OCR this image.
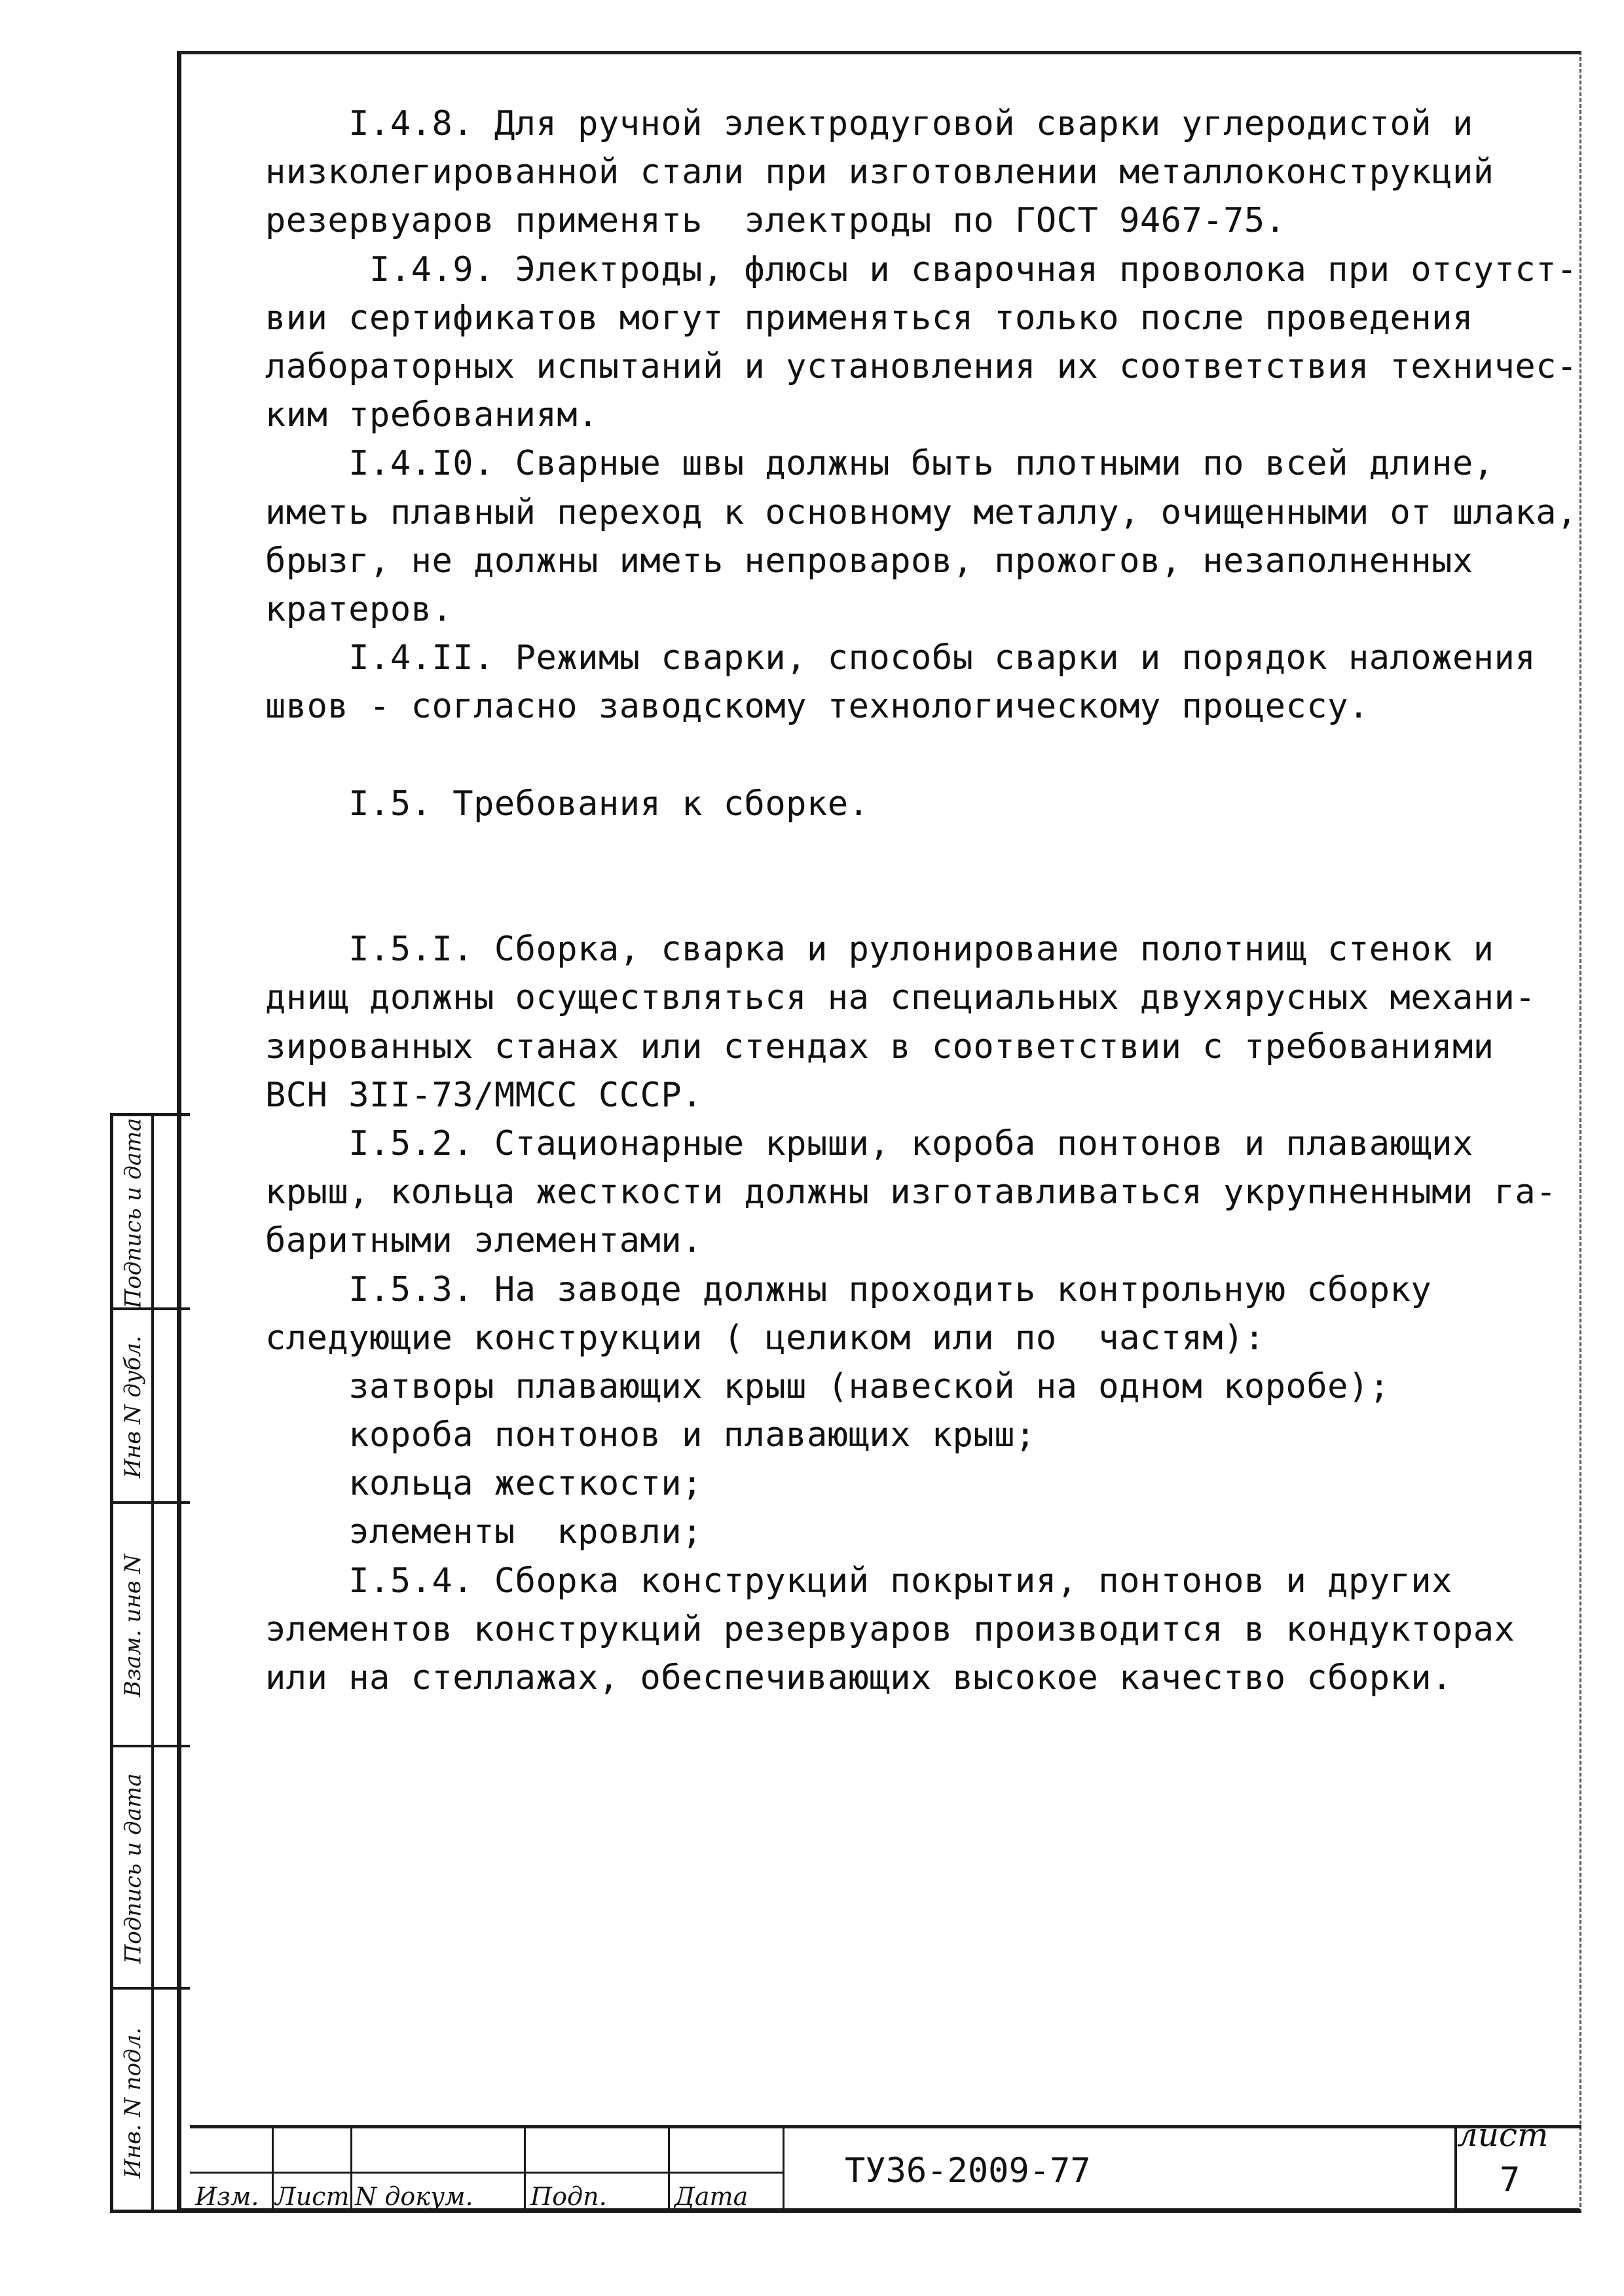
I.4.8. Для ручной электродуговой сварки углеродистой и
низколегированной стали при изготовлении металлоконструкций
резервуаров применять  электроды по ГОСТ 9467-75.
I.4.9. Электроды, флюсы и сварочная проволока при отсутст-
вии сертификатов могут применяться только после проведения
лабораторных испытаний и установления их соответствия техничес-
ким требованиям.
I.4.I0. Сварные швы должны быть плотными по всей длине,
иметь плавный переход к основному металлу, очищенными от шлака,
брызг, не должны иметь непроваров, прожогов, незаполненных
кратеров.
I.4.II. Режимы сварки, способы сварки и порядок наложения
швов - согласно заводскому технологическому процессу.
I.5. Требования к сборке.
I.5.I. Сборка, сварка и рулонирование полотнищ стенок и
днищ должны осуществляться на специальных двухярусных механи-
зированных станах или стендах в соответствии с требованиями
ВСН 3II-73/ММСС СССР.
I.5.2. Стационарные крыши, короба понтонов и плавающих
крыш, кольца жесткости должны изготавливаться укрупненными га-
баритными элементами.
I.5.3. На заводе должны проходить контрольную сборку
следующие конструкции ( целиком или по  частям):
затворы плавающих крыш (навеской на одном коробе);
короба понтонов и плавающих крыш;
кольца жесткости;
элементы  кровли;
I.5.4. Сборка конструкций покрытия, понтонов и других
элементов конструкций резервуаров производится в кондукторах
или на стеллажах, обеспечивающих высокое качество сборки.
Подпись и дата
Инв N дубл.
Взам. инв N
Подпись и дата
Инв. N подл.
Изм. Лист N докум. Подп.	Дата
ТУ36-2009-77
лист
7
